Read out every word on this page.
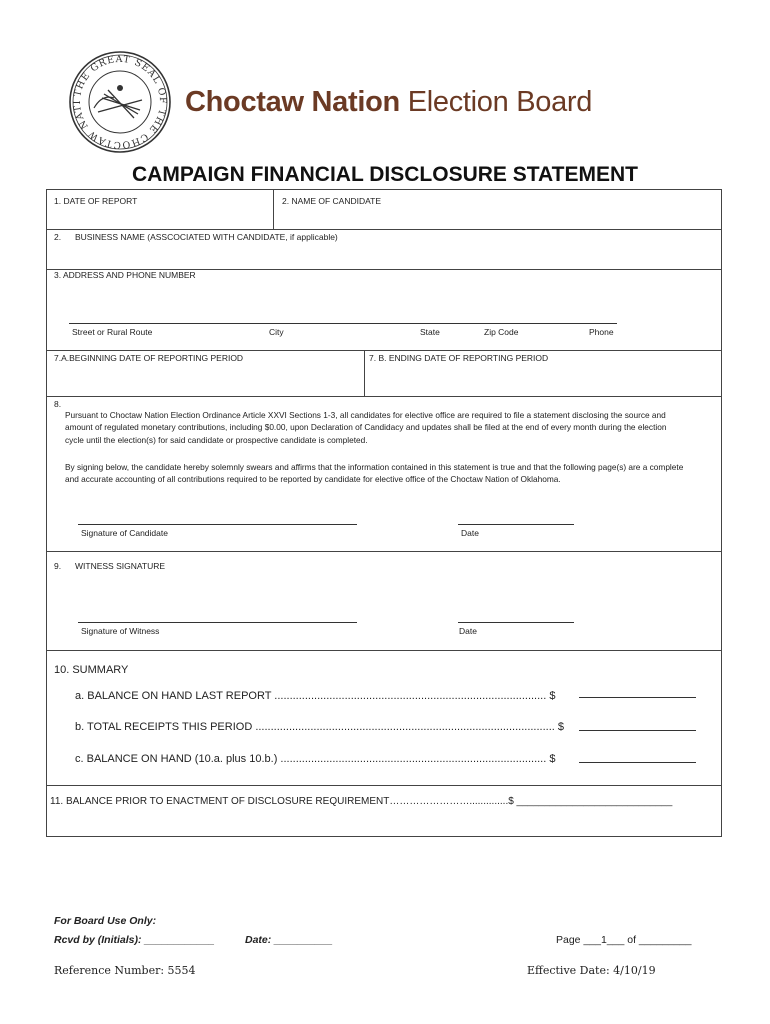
THE GREAT SEAL OF THE CHOCTAW NATI	Choctaw Nation Election Board
CAMPAIGN FINANCIAL DISCLOSURE STATEMENT
1. DATE OF REPORT	2. NAME OF CANDIDATE
2. BUSINESS NAME (ASSCOCIATED WITH CANDIDATE, if applicable)
3. ADDRESS AND PHONE NUMBER
Street or Rural Route	City	State	Zip Code	Phone
7.A.BEGINNING DATE OF REPORTING PERIOD	7. B. ENDING DATE OF REPORTING PERIOD
8.
Pursuant to Choctaw Nation Election Ordinance Article XXVI Sections 1-3, all candidates for elective office are required to file a statement disclosing the source and amount of regulated monetary contributions, including $0.00, upon Declaration of Candidacy and updates shall be filed at the end of every month during the election cycle until the election(s) for said candidate or prospective candidate is completed.
By signing below, the candidate hereby solemnly swears and affirms that the information contained in this statement is true and that the following page(s) are a complete and accurate accounting of all contributions required to be reported by candidate for elective office of the Choctaw Nation of Oklahoma.
Signature of Candidate	Date
9. WITNESS SIGNATURE
Signature of Witness	Date
10. SUMMARY
a. BALANCE ON HAND LAST REPORT ......................................................................................... $
b. TOTAL RECEIPTS THIS PERIOD .................................................................................................. $
c. BALANCE ON HAND (10.a. plus 10.b.) ....................................................................................... $
11. BALANCE PRIOR TO ENACTMENT OF DISCLOSURE REQUIREMENT……………………..............$ ____________________________
For Board Use Only:
Rcvd by (Initials): ____________	Date: __________	Page ___1___ of _________
Reference Number: 5554	Effective Date: 4/10/19
